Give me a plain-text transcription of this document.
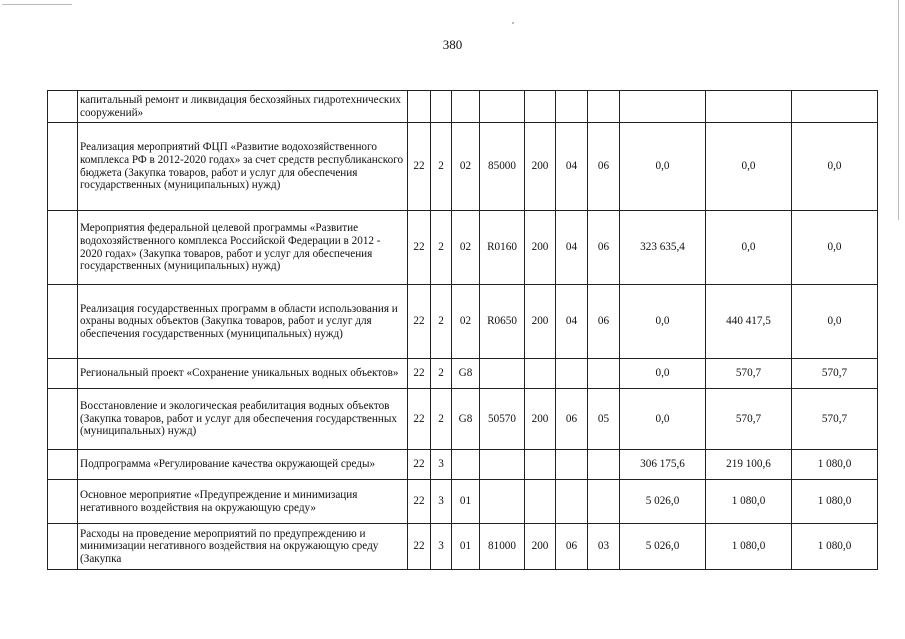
380
	капитальный ремонт и ликвидация бесхозяйных гидротехнических сооружений»										
	Реализация мероприятий ФЦП «Развитие водохозяйственного комплекса РФ в 2012-2020 годах» за счет средств республиканского бюджета (Закупка товаров, работ и услуг для обеспечения государственных (муниципальных) нужд)	22	2	02	85000	200	04	06	0,0	0,0	0,0
	Мероприятия федеральной целевой программы «Развитие водохозяйственного комплекса Российской Федерации в 2012 - 2020 годах» (Закупка товаров, работ и услуг для обеспечения государственных (муниципальных) нужд)	22	2	02	R0160	200	04	06	323 635,4	0,0	0,0
	Реализация государственных программ в области использования и охраны водных объектов (Закупка товаров, работ и услуг для обеспечения государственных (муниципальных) нужд)	22	2	02	R0650	200	04	06	0,0	440 417,5	0,0
	Региональный проект «Сохранение уникальных водных объектов»	22	2	G8					0,0	570,7	570,7
	Восстановление и экологическая реабилитация водных объектов (Закупка товаров, работ и услуг для обеспечения государственных (муниципальных) нужд)	22	2	G8	50570	200	06	05	0,0	570,7	570,7
	Подпрограмма «Регулирование качества окружающей среды»	22	3						306 175,6	219 100,6	1 080,0
	Основное мероприятие «Предупреждение и минимизация негативного воздействия на окружающую среду»	22	3	01					5 026,0	1 080,0	1 080,0
	Расходы на проведение мероприятий по предупреждению и минимизации негативного воздействия на окружающую среду (Закупка	22	3	01	81000	200	06	03	5 026,0	1 080,0	1 080,0
